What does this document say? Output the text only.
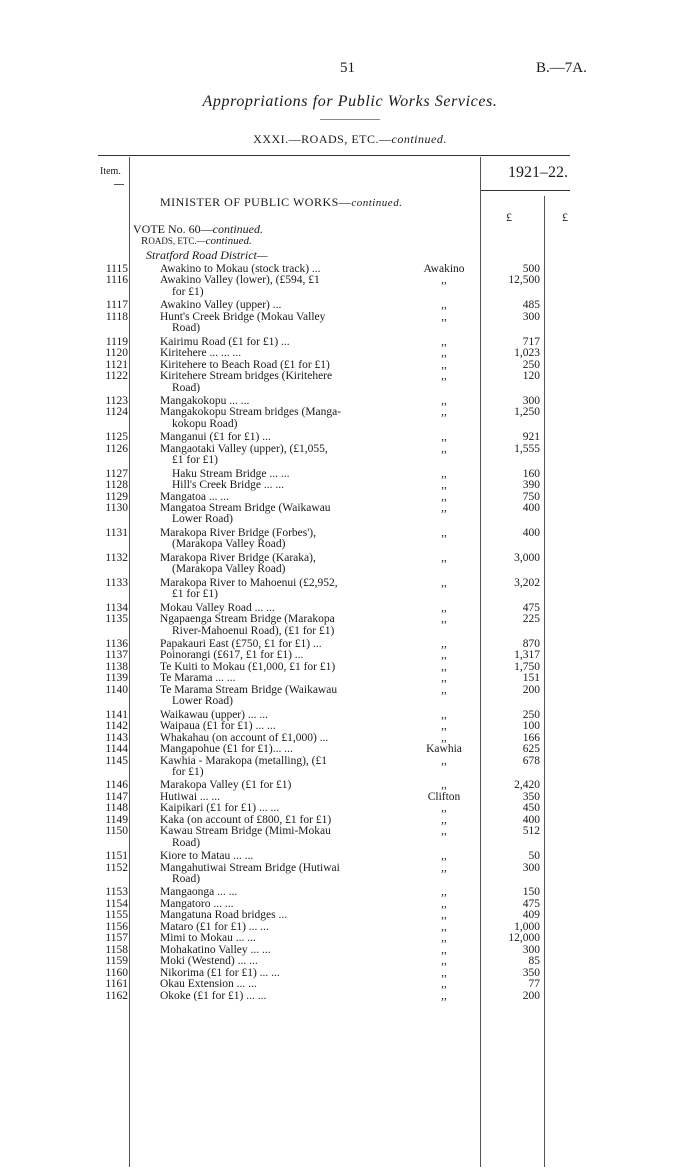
51	B.—7A.
Appropriations for Public Works Services.
XXXI.—ROADS, ETC.—continued.
Item.	1921–22.
MINISTER OF PUBLIC WORKS—continued.
£	£
VOTE No. 60—continued.
ROADS, ETC.—continued.
Stratford Road District—
1115	Awakino to Mokau (stock track) ...	Awakino	500
1116	Awakino Valley (lower), (£594, £1	,,	12,500
for £1)
1117	Awakino Valley (upper) ...	,,	485
1118	Hunt's Creek Bridge (Mokau Valley	,,	300
Road)
1119	Kairimu Road (£1 for £1) ...	,,	717
1120	Kiritehere ... ... ...	,,	1,023
1121	Kiritehere to Beach Road (£1 for £1)	,,	250
1122	Kiritehere Stream bridges (Kiritehere	,,	120
Road)
1123	Mangakokopu ... ...	,,	300
1124	Mangakokopu Stream bridges (Manga-	,,	1,250
kokopu Road)
1125	Manganui (£1 for £1) ...	,,	921
1126	Mangaotaki Valley (upper), (£1,055,	,,	1,555
£1 for £1)
1127	Haku Stream Bridge ... ...	,,	160
1128	Hill's Creek Bridge ... ...	,,	390
1129	Mangatoa ... ...	,,	750
1130	Mangatoa Stream Bridge (Waikawau	,,	400
Lower Road)
1131	Marakopa River Bridge (Forbes'),	,,	400
(Marakopa Valley Road)
1132	Marakopa River Bridge (Karaka),	,,	3,000
(Marakopa Valley Road)
1133	Marakopa River to Mahoenui (£2,952,	,,	3,202
£1 for £1)
1134	Mokau Valley Road ... ...	,,	475
1135	Ngapaenga Stream Bridge (Marakopa	,,	225
River-Mahoenui Road), (£1 for £1)
1136	Papakauri East (£750, £1 for £1) ...	,,	870
1137	Poinorangi (£617, £1 for £1) ...	,,	1,317
1138	Te Kuiti to Mokau (£1,000, £1 for £1)	,,	1,750
1139	Te Marama ... ...	,,	151
1140	Te Marama Stream Bridge (Waikawau	,,	200
Lower Road)
1141	Waikawau (upper) ... ...	,,	250
1142	Waipaua (£1 for £1) ... ...	,,	100
1143	Whakahau (on account of £1,000) ...	,,	166
1144	Mangapohue (£1 for £1)... ...	Kawhia	625
1145	Kawhia - Marakopa (metalling), (£1	,,	678
for £1)
1146	Marakopa Valley (£1 for £1)	,,	2,420
1147	Hutiwai ... ...	Clifton	350
1148	Kaipikari (£1 for £1) ... ...	,,	450
1149	Kaka (on account of £800, £1 for £1)	,,	400
1150	Kawau Stream Bridge (Mimi-Mokau	,,	512
Road)
1151	Kiore to Matau ... ...	,,	50
1152	Mangahutiwai Stream Bridge (Hutiwai	,,	300
Road)
1153	Mangaonga ... ...	,,	150
1154	Mangatoro ... ...	,,	475
1155	Mangatuna Road bridges ...	,,	409
1156	Mataro (£1 for £1) ... ...	,,	1,000
1157	Mimi to Mokau ... ...	,,	12,000
1158	Mohakatino Valley ... ...	,,	300
1159	Moki (Westend) ... ...	,,	85
1160	Nikorima (£1 for £1) ... ...	,,	350
1161	Okau Extension ... ...	,,	77
1162	Okoke (£1 for £1) ... ...	,,	200
